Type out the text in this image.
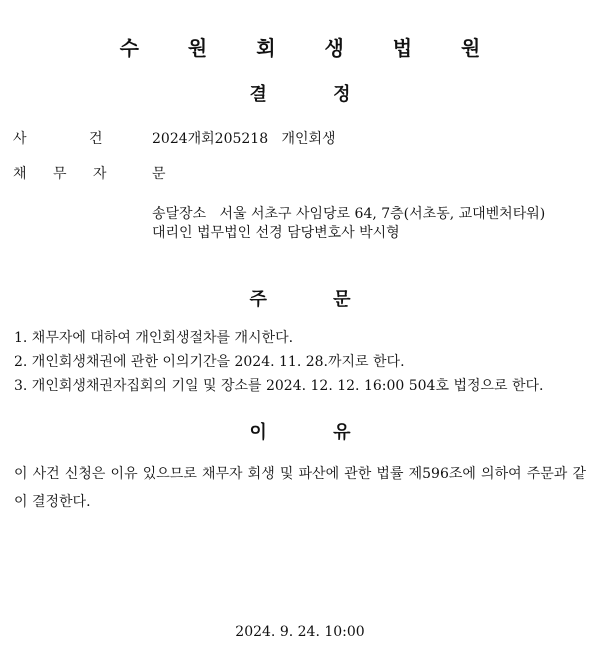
수 원 회 생 법 원
결 정
사 건	2024개회205218 개인회생
채 무 자	문
송달장소 서울 서초구 사임당로 64, 7층(서초동, 교대벤처타워)
대리인 법무법인 선경 담당변호사 박시형
주 문
1. 채무자에 대하여 개인회생절차를 개시한다.
2. 개인회생채권에 관한 이의기간을 2024. 11. 28.까지로 한다.
3. 개인회생채권자집회의 기일 및 장소를 2024. 12. 12. 16:00 504호 법정으로 한다.
이 유
이 사건 신청은 이유 있으므로 채무자 회생 및 파산에 관한 법률 제596조에 의하여 주문과 같이 결정한다.
2024. 9. 24. 10:00
